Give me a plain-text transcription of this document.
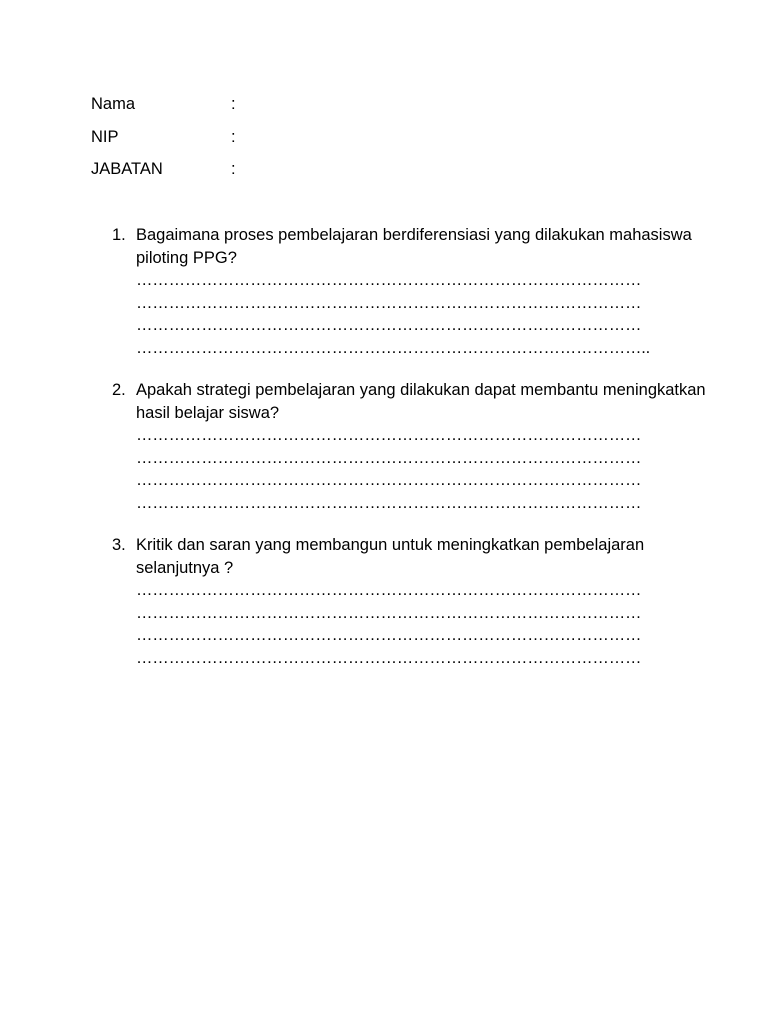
Nama	:
NIP	:
JABATAN	:
1. Bagaimana proses pembelajaran berdiferensiasi yang dilakukan mahasiswa piloting PPG?
…………………………………………………………………………………
…………………………………………………………………………………
…………………………………………………………………………………
…………………………………………………………………………………..
2. Apakah strategi pembelajaran yang dilakukan dapat membantu meningkatkan hasil belajar siswa?
…………………………………………………………………………………
…………………………………………………………………………………
…………………………………………………………………………………
…………………………………………………………………………………
3. Kritik dan saran yang membangun untuk meningkatkan pembelajaran selanjutnya ?
…………………………………………………………………………………
…………………………………………………………………………………
…………………………………………………………………………………
…………………………………………………………………………………
